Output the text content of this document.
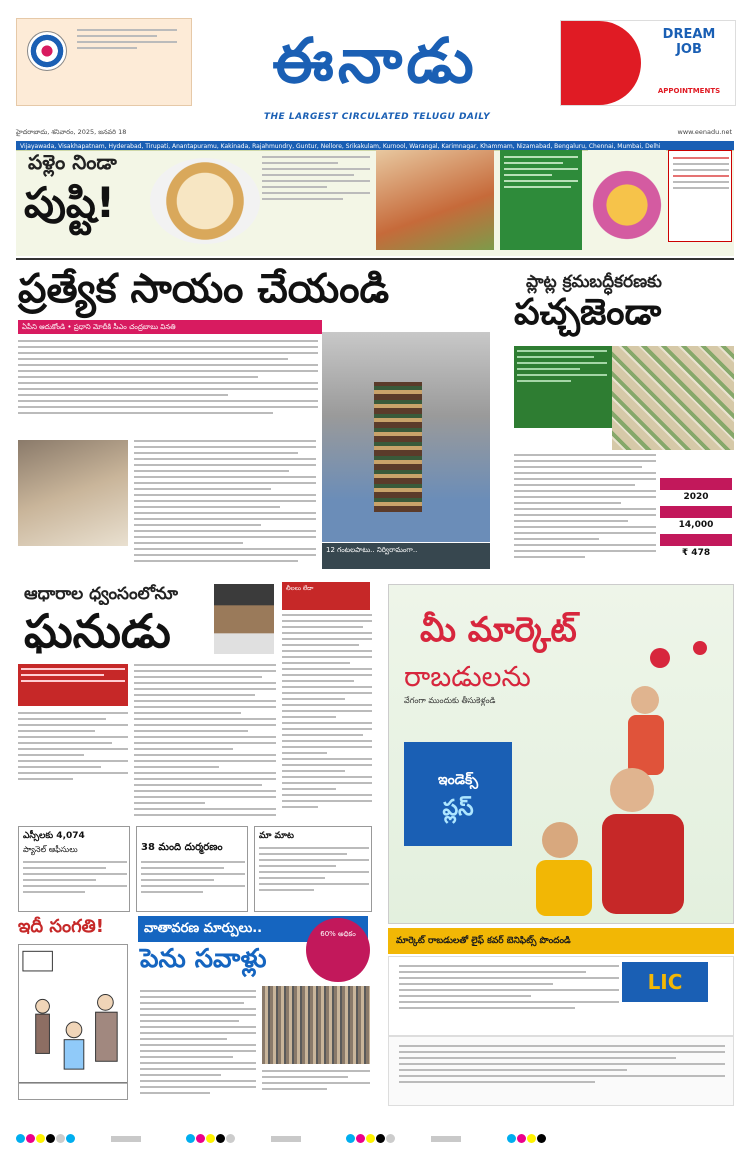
ఈనాడు
THE LARGEST CIRCULATED TELUGU DAILY
DREAM JOB
APPOINTMENTS
హైదరాబాదు, శనివారం, 2025, జనవరి 18	www.eenadu.net
Vijayawada, Visakhapatnam, Hyderabad, Tirupati, Anantapuramu, Kakinada, Rajahmundry, Guntur, Nellore, Srikakulam, Kurnool, Warangal, Karimnagar, Khammam, Nizamabad, Bengaluru, Chennai, Mumbai, Delhi
పళ్లెం నిండా
పుష్టి!
ప్రత్యేక సాయం చేయండి
ఏపీని ఆదుకోండి • ప్రధాని మోదీకి సీఎం చంద్రబాబు వినతి
12 గంటలపాటు.. నిర్విరామంగా..
ప్లాట్ల క్రమబద్ధీకరణకు
పచ్చజెండా
2020
14,000
₹ 478
ఆధారాల ధ్వంసంలోనూ
ఘనుడు
లీలలు లేదా
ఎస్సీలకు 4,074
ప్యానెల్ ఆఫీసులు	38 మంది దుర్మరణం
మా మాట
మీ మార్కెట్
రాబడులను
వేగంగా ముందుకు తీసుకెళ్లండి
ఇండెక్స్
ప్లస్
మార్కెట్ రాబడులతో లైఫ్ కవర్ బెనిఫిట్స్ పొందండి
LIC
ఇదీ సంగతి!	వాతావరణ మార్పులు..
పెను సవాళ్లు
60% అధికం
